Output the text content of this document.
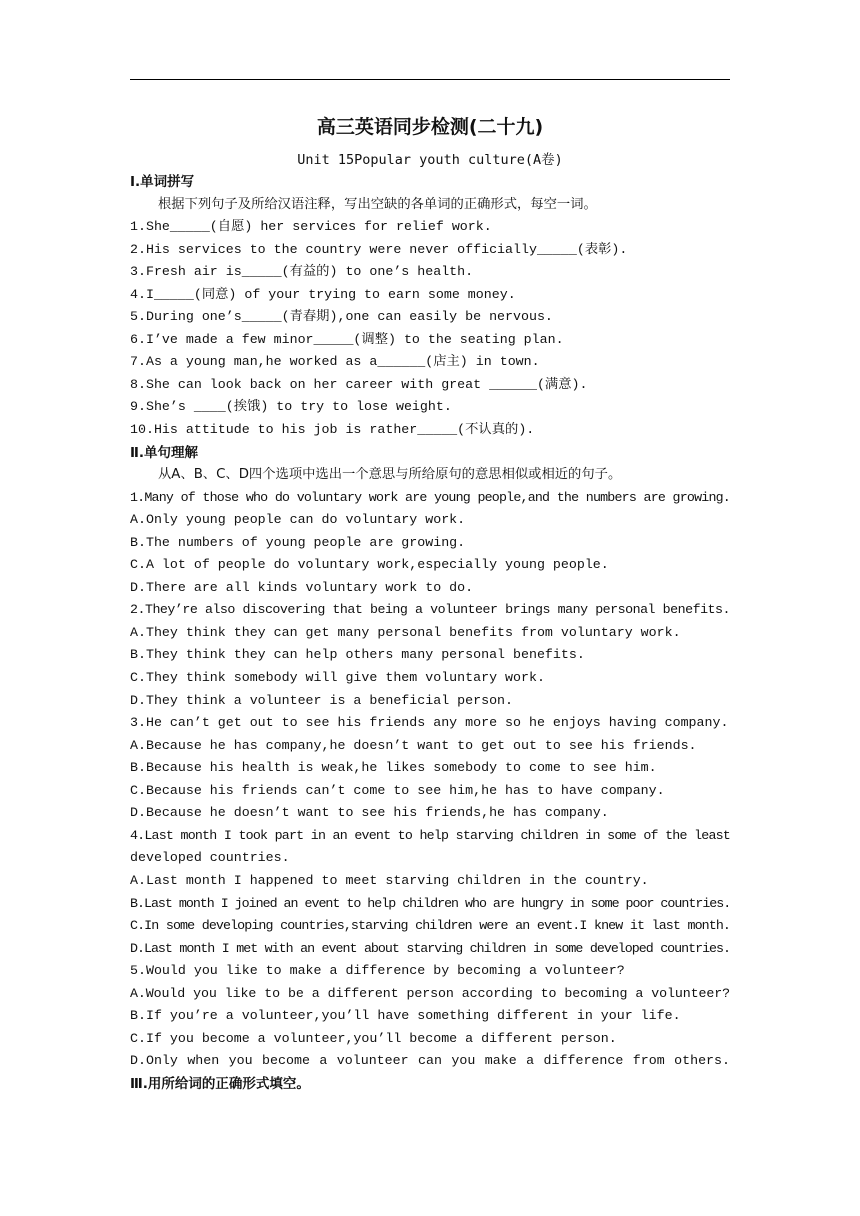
高三英语同步检测(二十九)
Unit 15Popular youth culture(A卷)
Ⅰ.单词拼写
根据下列句子及所给汉语注释，写出空缺的各单词的正确形式，每空一词。
1.She_____(自愿) her services for relief work.
2.His services to the country were never officially_____(表彰).
3.Fresh air is_____(有益的) to one’s health.
4.I_____(同意) of your trying to earn some money.
5.During one’s_____(青春期),one can easily be nervous.
6.I’ve made a few minor_____(调整) to the seating plan.
7.As a young man,he worked as a______(店主) in town.
8.She can look back on her career with great ______(满意).
9.She’s ____(挨饿) to try to lose weight.
10.His attitude to his job is rather_____(不认真的).
Ⅱ.单句理解
从A、B、C、D四个选项中选出一个意思与所给原句的意思相似或相近的句子。
1.Many of those who do voluntary work are young people,and the numbers are growing.
A.Only young people can do voluntary work.
B.The numbers of young people are growing.
C.A lot of people do voluntary work,especially young people.
D.There are all kinds voluntary work to do.
2.They’re also discovering that being a volunteer brings many personal benefits.
A.They think they can get many personal benefits from voluntary work.
B.They think they can help others many personal benefits.
C.They think somebody will give them voluntary work.
D.They think a volunteer is a beneficial person.
3.He can’t get out to see his friends any more so he enjoys having company.
A.Because he has company,he doesn’t want to get out to see his friends.
B.Because his health is weak,he likes somebody to come to see him.
C.Because his friends can’t come to see him,he has to have company.
D.Because he doesn’t want to see his friends,he has company.
4.Last month I took part in an event to help starving children in some of the least
developed countries.
A.Last month I happened to meet starving children in the country.
B.Last month I joined an event to help children who are hungry in some poor countries.
C.In some developing countries,starving children were an event.I knew it last month.
D.Last month I met with an event about starving children in some developed countries.
5.Would you like to make a difference by becoming a volunteer?
A.Would you like to be a different person according to becoming a volunteer?
B.If you’re a volunteer,you’ll have something different in your life.
C.If you become a volunteer,you’ll become a different person.
D.Only when you become a volunteer can you make a difference from others.
Ⅲ.用所给词的正确形式填空。
